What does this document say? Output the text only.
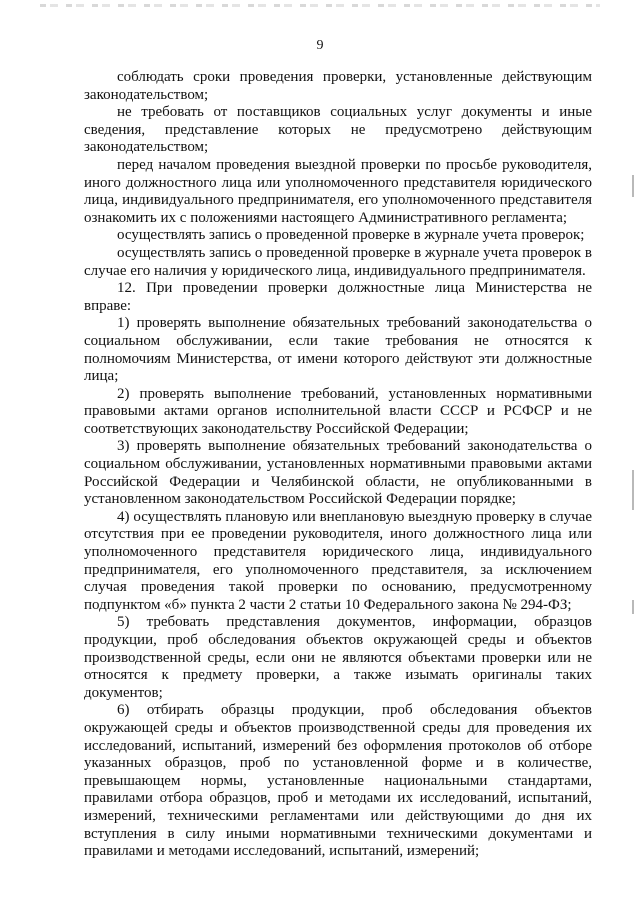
9

соблюдать сроки проведения проверки, установленные действующим законодательством;

не требовать от поставщиков социальных услуг документы и иные сведения, представление которых не предусмотрено действующим законодательством;

перед началом проведения выездной проверки по просьбе руководителя, иного должностного лица или уполномоченного представителя юридического лица, индивидуального предпринимателя, его уполномоченного представителя ознакомить их с положениями настоящего Административного регламента;

осуществлять запись о проведенной проверке в журнале учета проверок;

осуществлять запись о проведенной проверке в журнале учета проверок в случае его наличия у юридического лица, индивидуального предпринимателя.

12. При проведении проверки должностные лица Министерства не вправе:

1) проверять выполнение обязательных требований законодательства о социальном обслуживании, если такие требования не относятся к полномочиям Министерства, от имени которого действуют эти должностные лица;

2) проверять выполнение требований, установленных нормативными правовыми актами органов исполнительной власти СССР и РСФСР и не соответствующих законодательству Российской Федерации;

3) проверять выполнение обязательных требований законодательства о социальном обслуживании, установленных нормативными правовыми актами Российской Федерации и Челябинской области, не опубликованными в установленном законодательством Российской Федерации порядке;

4) осуществлять плановую или внеплановую выездную проверку в случае отсутствия при ее проведении руководителя, иного должностного лица или уполномоченного представителя юридического лица, индивидуального предпринимателя, его уполномоченного представителя, за исключением случая проведения такой проверки по основанию, предусмотренному подпунктом «б» пункта 2 части 2 статьи 10 Федерального закона № 294-ФЗ;

5) требовать представления документов, информации, образцов продукции, проб обследования объектов окружающей среды и объектов производственной среды, если они не являются объектами проверки или не относятся к предмету проверки, а также изымать оригиналы таких документов;

6) отбирать образцы продукции, проб обследования объектов окружающей среды и объектов производственной среды для проведения их исследований, испытаний, измерений без оформления протоколов об отборе указанных образцов, проб по установленной форме и в количестве, превышающем нормы, установленные национальными стандартами, правилами отбора образцов, проб и методами их исследований, испытаний, измерений, техническими регламентами или действующими до дня их вступления в силу иными нормативными техническими документами и правилами и методами исследований, испытаний, измерений;
